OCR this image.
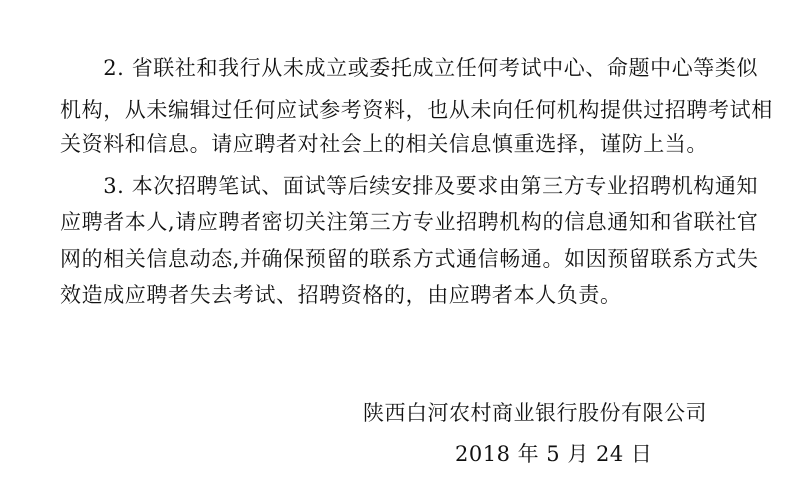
　　2. 省联社和我行从未成立或委托成立任何考试中心、命题中心等类似
机构，从未编辑过任何应试参考资料，也从未向任何机构提供过招聘考试相
关资料和信息。请应聘者对社会上的相关信息慎重选择，谨防上当。
　　3. 本次招聘笔试、面试等后续安排及要求由第三方专业招聘机构通知
应聘者本人,请应聘者密切关注第三方专业招聘机构的信息通知和省联社官
网的相关信息动态,并确保预留的联系方式通信畅通。如因预留联系方式失
效造成应聘者失去考试、招聘资格的，由应聘者本人负责。
陕西白河农村商业银行股份有限公司
2018 年 5 月 24 日
